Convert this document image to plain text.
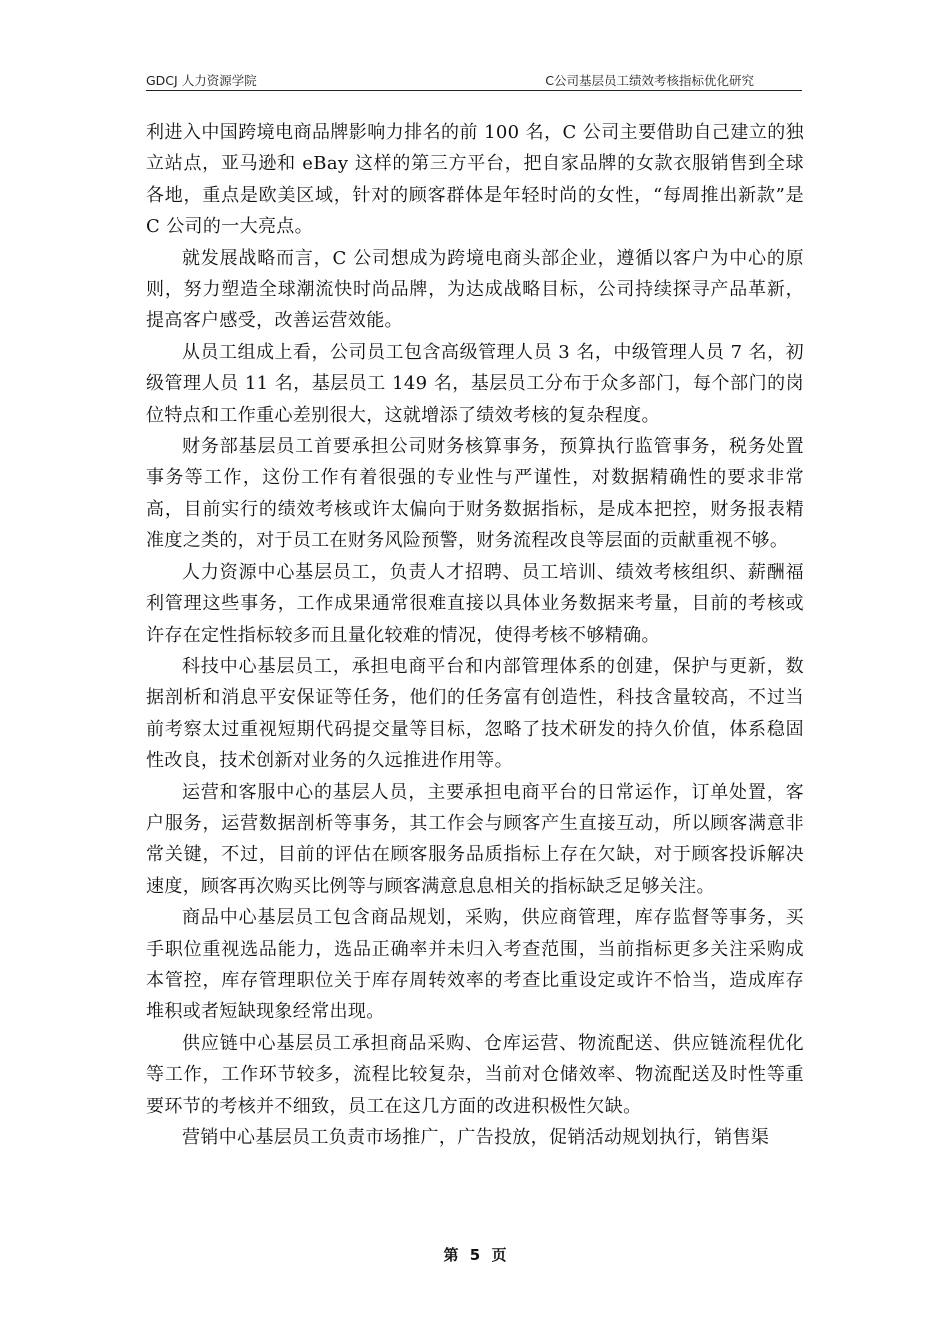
GDCJ 人力资源学院	C公司基层员工绩效考核指标优化研究

利进入中国跨境电商品牌影响力排名的前 100 名，C 公司主要借助自己建立的独立站点，亚马逊和 eBay 这样的第三方平台，把自家品牌的女款衣服销售到全球各地，重点是欧美区域，针对的顾客群体是年轻时尚的女性，“每周推出新款”是 C 公司的一大亮点。

就发展战略而言，C 公司想成为跨境电商头部企业，遵循以客户为中心的原则，努力塑造全球潮流快时尚品牌，为达成战略目标，公司持续探寻产品革新，提高客户感受，改善运营效能。

从员工组成上看，公司员工包含高级管理人员 3 名，中级管理人员 7 名，初级管理人员 11 名，基层员工 149 名，基层员工分布于众多部门，每个部门的岗位特点和工作重心差别很大，这就增添了绩效考核的复杂程度。

财务部基层员工首要承担公司财务核算事务，预算执行监管事务，税务处置事务等工作，这份工作有着很强的专业性与严谨性，对数据精确性的要求非常高，目前实行的绩效考核或许太偏向于财务数据指标，是成本把控，财务报表精准度之类的，对于员工在财务风险预警，财务流程改良等层面的贡献重视不够。

人力资源中心基层员工，负责人才招聘、员工培训、绩效考核组织、薪酬福利管理这些事务，工作成果通常很难直接以具体业务数据来考量，目前的考核或许存在定性指标较多而且量化较难的情况，使得考核不够精确。

科技中心基层员工，承担电商平台和内部管理体系的创建，保护与更新，数据剖析和消息平安保证等任务，他们的任务富有创造性，科技含量较高，不过当前考察太过重视短期代码提交量等目标，忽略了技术研发的持久价值，体系稳固性改良，技术创新对业务的久远推进作用等。

运营和客服中心的基层人员，主要承担电商平台的日常运作，订单处置，客户服务，运营数据剖析等事务，其工作会与顾客产生直接互动，所以顾客满意非常关键，不过，目前的评估在顾客服务品质指标上存在欠缺，对于顾客投诉解决速度，顾客再次购买比例等与顾客满意息息相关的指标缺乏足够关注。

商品中心基层员工包含商品规划，采购，供应商管理，库存监督等事务，买手职位重视选品能力，选品正确率并未归入考查范围，当前指标更多关注采购成本管控，库存管理职位关于库存周转效率的考查比重设定或许不恰当，造成库存堆积或者短缺现象经常出现。

供应链中心基层员工承担商品采购、仓库运营、物流配送、供应链流程优化等工作，工作环节较多，流程比较复杂，当前对仓储效率、物流配送及时性等重要环节的考核并不细致，员工在这几方面的改进积极性欠缺。

营销中心基层员工负责市场推广，广告投放，促销活动规划执行，销售渠

第 5 页
